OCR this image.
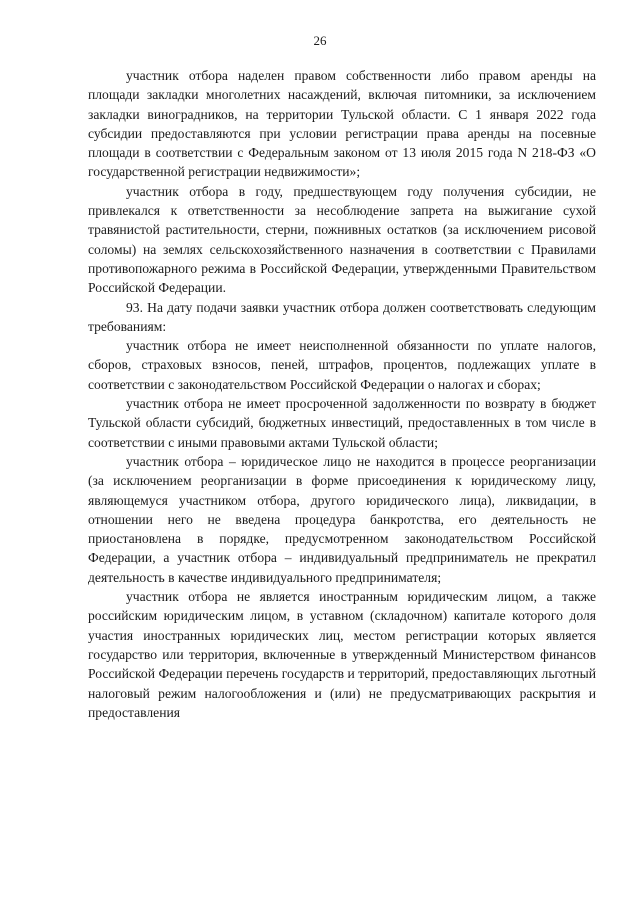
26

участник отбора наделен правом собственности либо правом аренды на площади закладки многолетних насаждений, включая питомники, за исключением закладки виноградников, на территории Тульской области. С 1 января 2022 года субсидии предоставляются при условии регистрации права аренды на посевные площади в соответствии с Федеральным законом от 13 июля 2015 года N 218-ФЗ «О государственной регистрации недвижимости»;

участник отбора в году, предшествующем году получения субсидии, не привлекался к ответственности за несоблюдение запрета на выжигание сухой травянистой растительности, стерни, пожнивных остатков (за исключением рисовой соломы) на землях сельскохозяйственного назначения в соответствии с Правилами противопожарного режима в Российской Федерации, утвержденными Правительством Российской Федерации.

93. На дату подачи заявки участник отбора должен соответствовать следующим требованиям:

участник отбора не имеет неисполненной обязанности по уплате налогов, сборов, страховых взносов, пеней, штрафов, процентов, подлежащих уплате в соответствии с законодательством Российской Федерации о налогах и сборах;

участник отбора не имеет просроченной задолженности по возврату в бюджет Тульской области субсидий, бюджетных инвестиций, предоставленных в том числе в соответствии с иными правовыми актами Тульской области;

участник отбора – юридическое лицо не находится в процессе реорганизации (за исключением реорганизации в форме присоединения к юридическому лицу, являющемуся участником отбора, другого юридического лица), ликвидации, в отношении него не введена процедура банкротства, его деятельность не приостановлена в порядке, предусмотренном законодательством Российской Федерации, а участник отбора – индивидуальный предприниматель не прекратил деятельность в качестве индивидуального предпринимателя;

участник отбора не является иностранным юридическим лицом, а также российским юридическим лицом, в уставном (складочном) капитале которого доля участия иностранных юридических лиц, местом регистрации которых является государство или территория, включенные в утвержденный Министерством финансов Российской Федерации перечень государств и территорий, предоставляющих льготный налоговый режим налогообложения и (или) не предусматривающих раскрытия и предоставления
